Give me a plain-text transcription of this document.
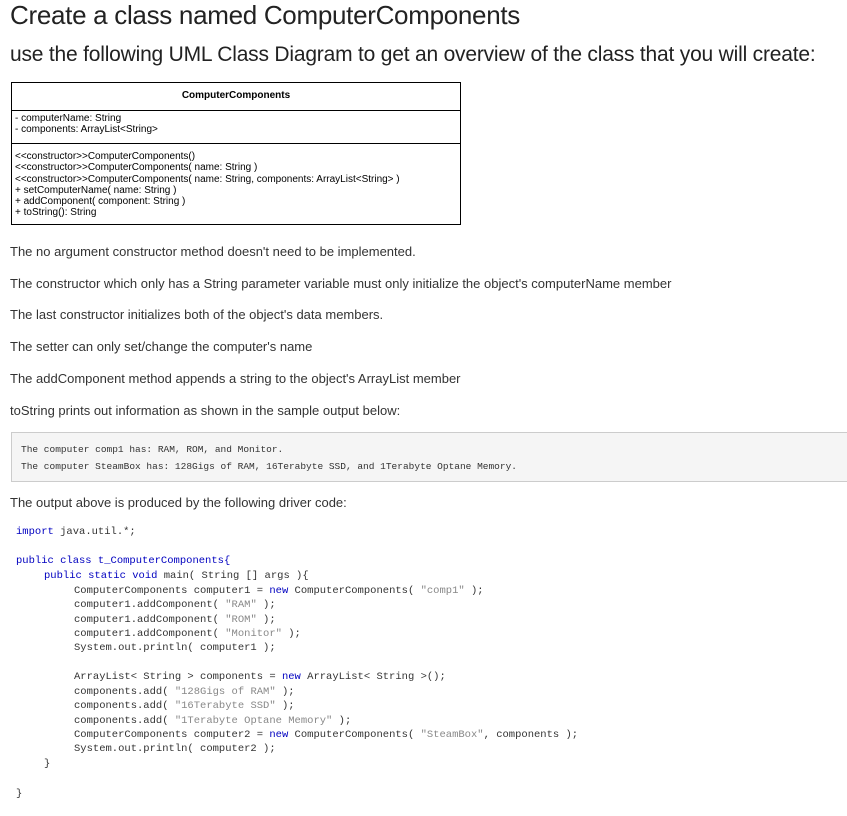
Create a class named ComputerComponents
use the following UML Class Diagram to get an overview of the class that you will create:
ComputerComponents
- computerName: String
- components: ArrayList<String>
<<constructor>>ComputerComponents()
<<constructor>>ComputerComponents( name: String )
<<constructor>>ComputerComponents( name: String, components: ArrayList<String> )
+ setComputerName( name: String )
+ addComponent( component: String )
+ toString(): String
The no argument constructor method doesn't need to be implemented.
The constructor which only has a String parameter variable must only initialize the object's computerName member
The last constructor initializes both of the object's data members.
The setter can only set/change the computer's name
The addComponent method appends a string to the object's ArrayList member
toString prints out information as shown in the sample output below:
The computer comp1 has: RAM, ROM, and Monitor.
The computer SteamBox has: 128Gigs of RAM, 16Terabyte SSD, and 1Terabyte Optane Memory.
The output above is produced by the following driver code:
import java.util.*;
public class t_ComputerComponents{
public static void main( String [] args ){
ComputerComponents computer1 = new ComputerComponents( "comp1" );
computer1.addComponent( "RAM" );
computer1.addComponent( "ROM" );
computer1.addComponent( "Monitor" );
System.out.println( computer1 );
ArrayList< String > components = new ArrayList< String >();
components.add( "128Gigs of RAM" );
components.add( "16Terabyte SSD" );
components.add( "1Terabyte Optane Memory" );
ComputerComponents computer2 = new ComputerComponents( "SteamBox", components );
System.out.println( computer2 );
}
}
